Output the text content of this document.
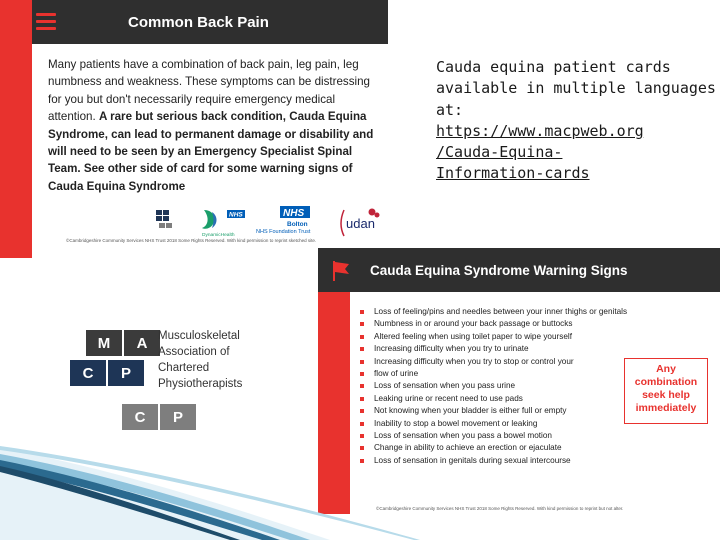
Common Back Pain
Many patients have a combination of back pain, leg pain, leg numbness and weakness. These symptoms can be distressing for you but don't necessarily require emergency medical attention. A rare but serious back condition, Cauda Equina Syndrome, can lead to permanent damage or disability and will need to be seen by an Emergency Specialist Spinal Team. See other side of card for some warning signs of Cauda Equina Syndrome
DynamicHealth
NHS	NHS
Bolton
NHS Foundation Trust
udan
©Cambridgeshire Community Services NHS Trust 2018 Some Rights Reserved. With kind permission to reprint sketched site.
Cauda equina patient cards available in multiple languages at:
https://www.macpweb.org
/Cauda-Equina-
Information-cards
M	A
C	P
C	P
Musculoskeletal
Association of
Chartered
Physiotherapists
Cauda Equina Syndrome Warning Signs
Loss of feeling/pins and needles between your inner thighs or genitals
Numbness in or around your back passage or buttocks
Altered feeling when using toilet paper to wipe yourself
Increasing difficulty when you try to urinate
Increasing difficulty when you try to stop or control your
flow of urine
Loss of sensation when you pass urine
Leaking urine or recent need to use pads
Not knowing when your bladder is either full or empty
Inability to stop a bowel movement or leaking
Loss of sensation when you pass a bowel motion
Change in ability to achieve an erection or ejaculate
Loss of sensation in genitals during sexual intercourse
Any
combination
seek help
immediately
©Cambridgeshire Community Services NHS Trust 2018 Some Rights Reserved. With kind permission to reprint but not alter.
